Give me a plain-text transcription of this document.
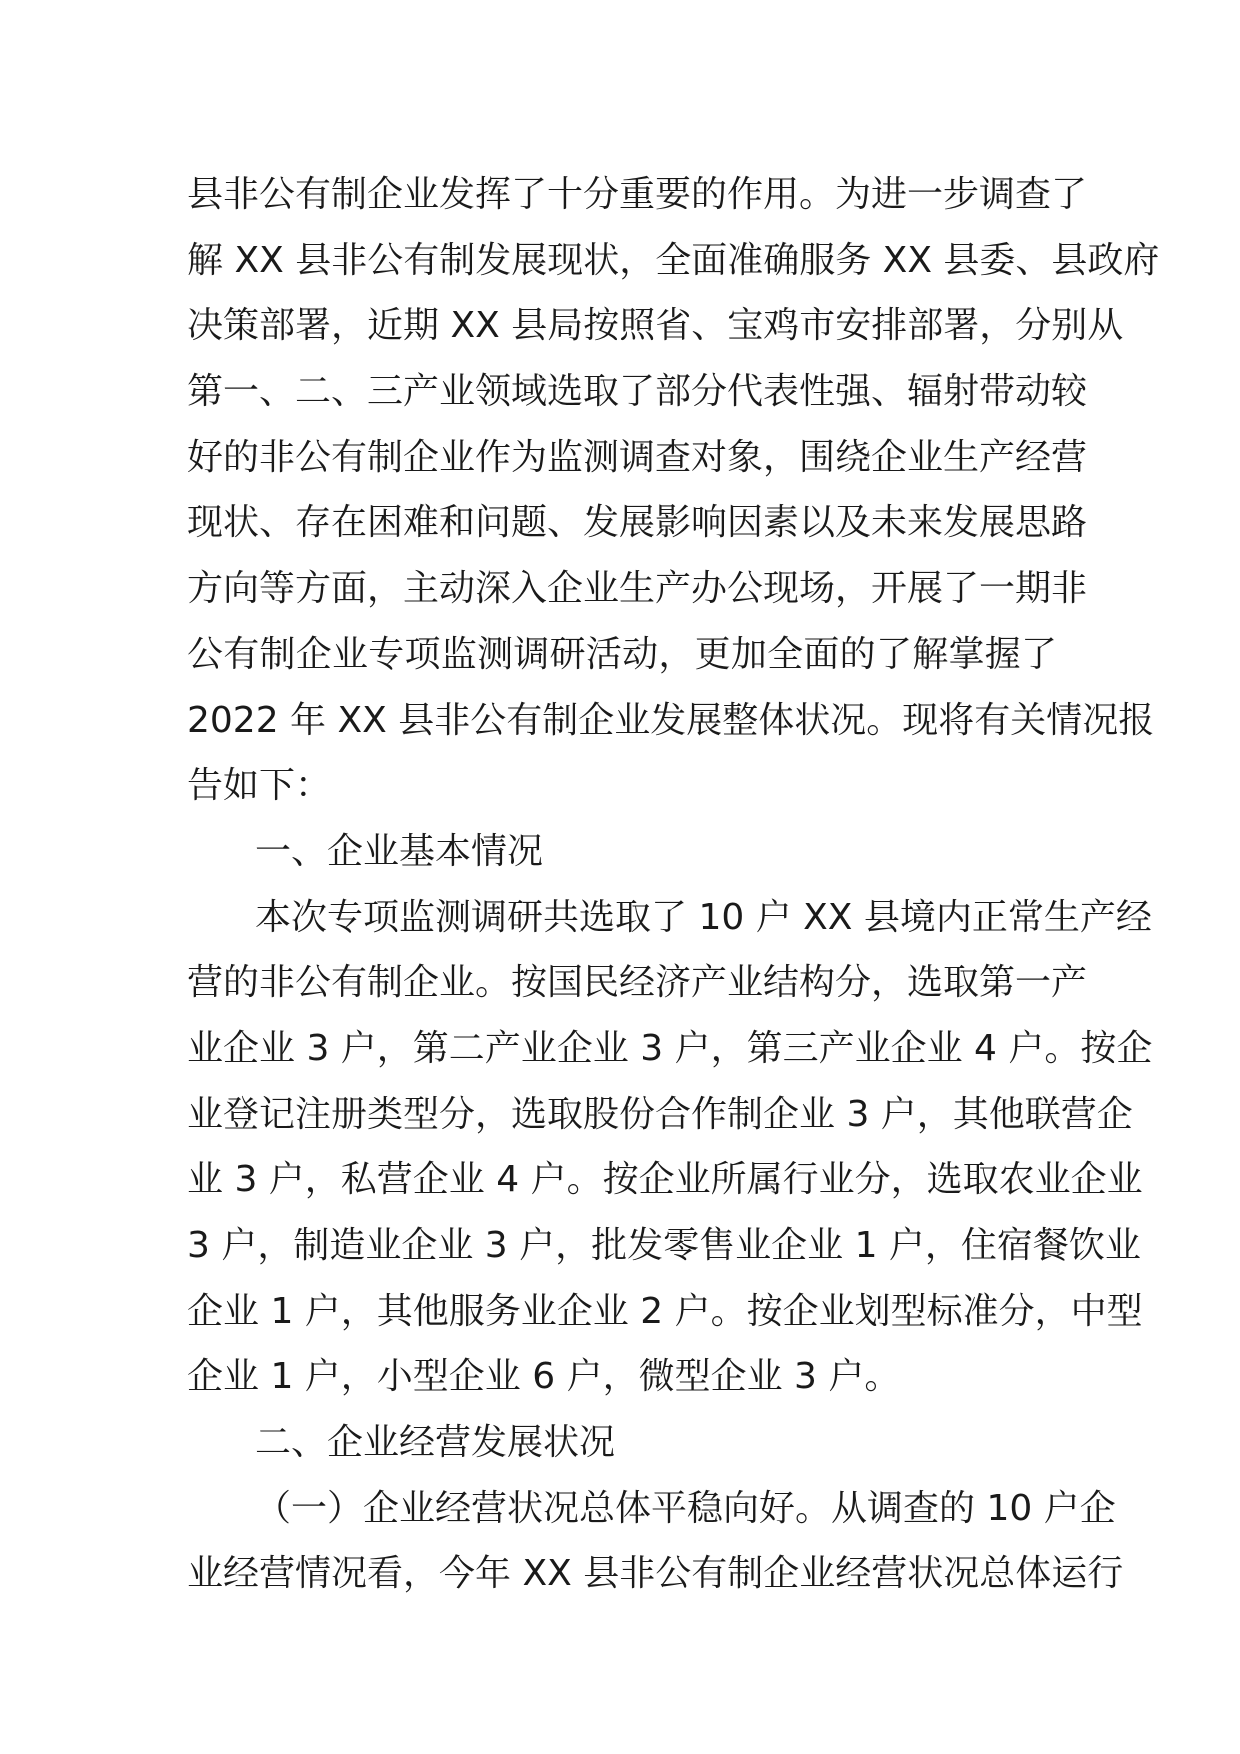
县非公有制企业发挥了十分重要的作用。为进一步调查了
解 XX 县非公有制发展现状，全面准确服务 XX 县委、县政府
决策部署，近期 XX 县局按照省、宝鸡市安排部署，分别从
第一、二、三产业领域选取了部分代表性强、辐射带动较
好的非公有制企业作为监测调查对象，围绕企业生产经营
现状、存在困难和问题、发展影响因素以及未来发展思路
方向等方面，主动深入企业生产办公现场，开展了一期非
公有制企业专项监测调研活动，更加全面的了解掌握了
2022 年 XX 县非公有制企业发展整体状况。现将有关情况报
告如下：
一、企业基本情况
本次专项监测调研共选取了 10 户 XX 县境内正常生产经
营的非公有制企业。按国民经济产业结构分，选取第一产
业企业 3 户，第二产业企业 3 户，第三产业企业 4 户。按企
业登记注册类型分，选取股份合作制企业 3 户，其他联营企
业 3 户，私营企业 4 户。按企业所属行业分，选取农业企业
3 户，制造业企业 3 户，批发零售业企业 1 户，住宿餐饮业
企业 1 户，其他服务业企业 2 户。按企业划型标准分，中型
企业 1 户，小型企业 6 户，微型企业 3 户。
二、企业经营发展状况
（一）企业经营状况总体平稳向好。从调查的 10 户企
业经营情况看，今年 XX 县非公有制企业经营状况总体运行
